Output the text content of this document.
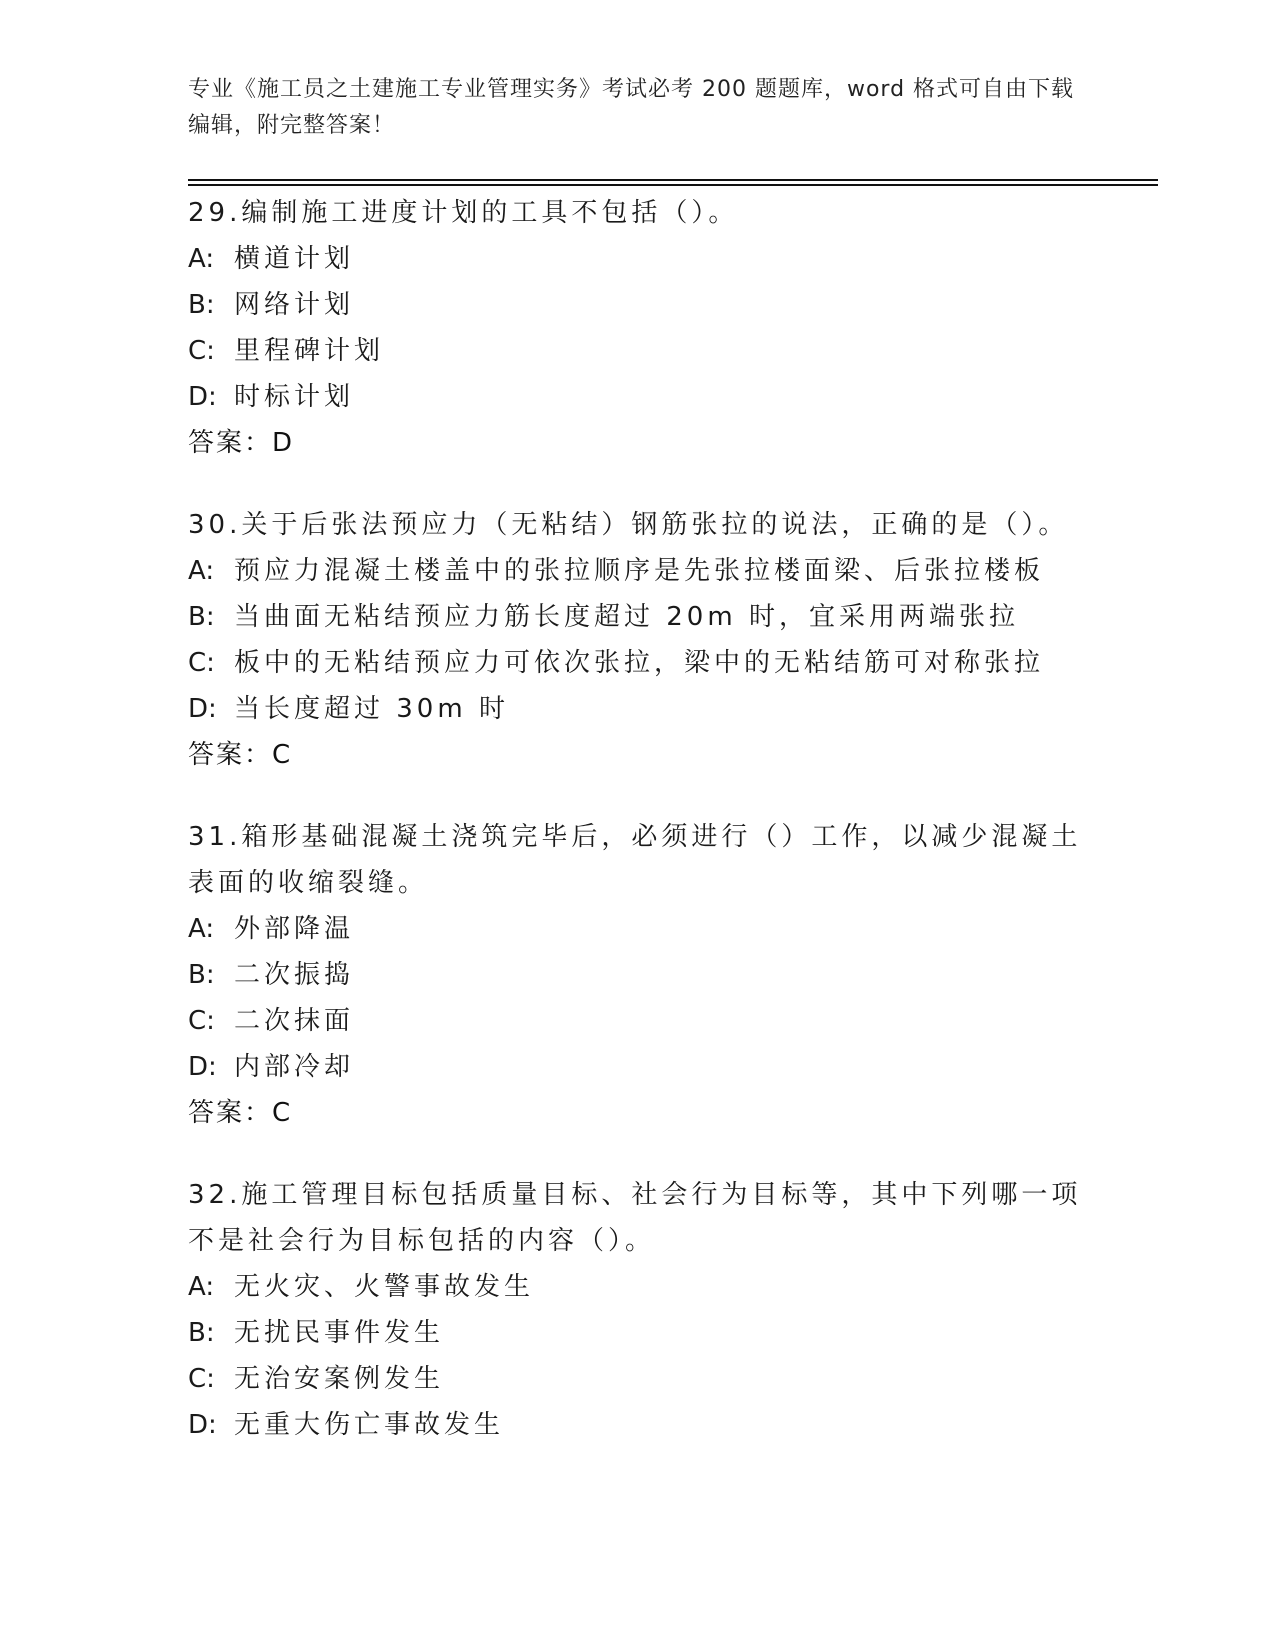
专业《施工员之土建施工专业管理实务》考试必考 200 题题库，word 格式可自由下载编辑，附完整答案！
29.编制施工进度计划的工具不包括（）。
A: 横道计划
B: 网络计划
C: 里程碑计划
D: 时标计划
答案：D
30.关于后张法预应力（无粘结）钢筋张拉的说法，正确的是（）。
A: 预应力混凝土楼盖中的张拉顺序是先张拉楼面梁、后张拉楼板
B: 当曲面无粘结预应力筋长度超过 20m 时，宜采用两端张拉
C: 板中的无粘结预应力可依次张拉，梁中的无粘结筋可对称张拉
D: 当长度超过 30m 时
答案：C
31.箱形基础混凝土浇筑完毕后，必须进行（）工作，以减少混凝土表面的收缩裂缝。
A: 外部降温
B: 二次振捣
C: 二次抹面
D: 内部冷却
答案：C
32.施工管理目标包括质量目标、社会行为目标等，其中下列哪一项不是社会行为目标包括的内容（）。
A: 无火灾、火警事故发生
B: 无扰民事件发生
C: 无治安案例发生
D: 无重大伤亡事故发生
